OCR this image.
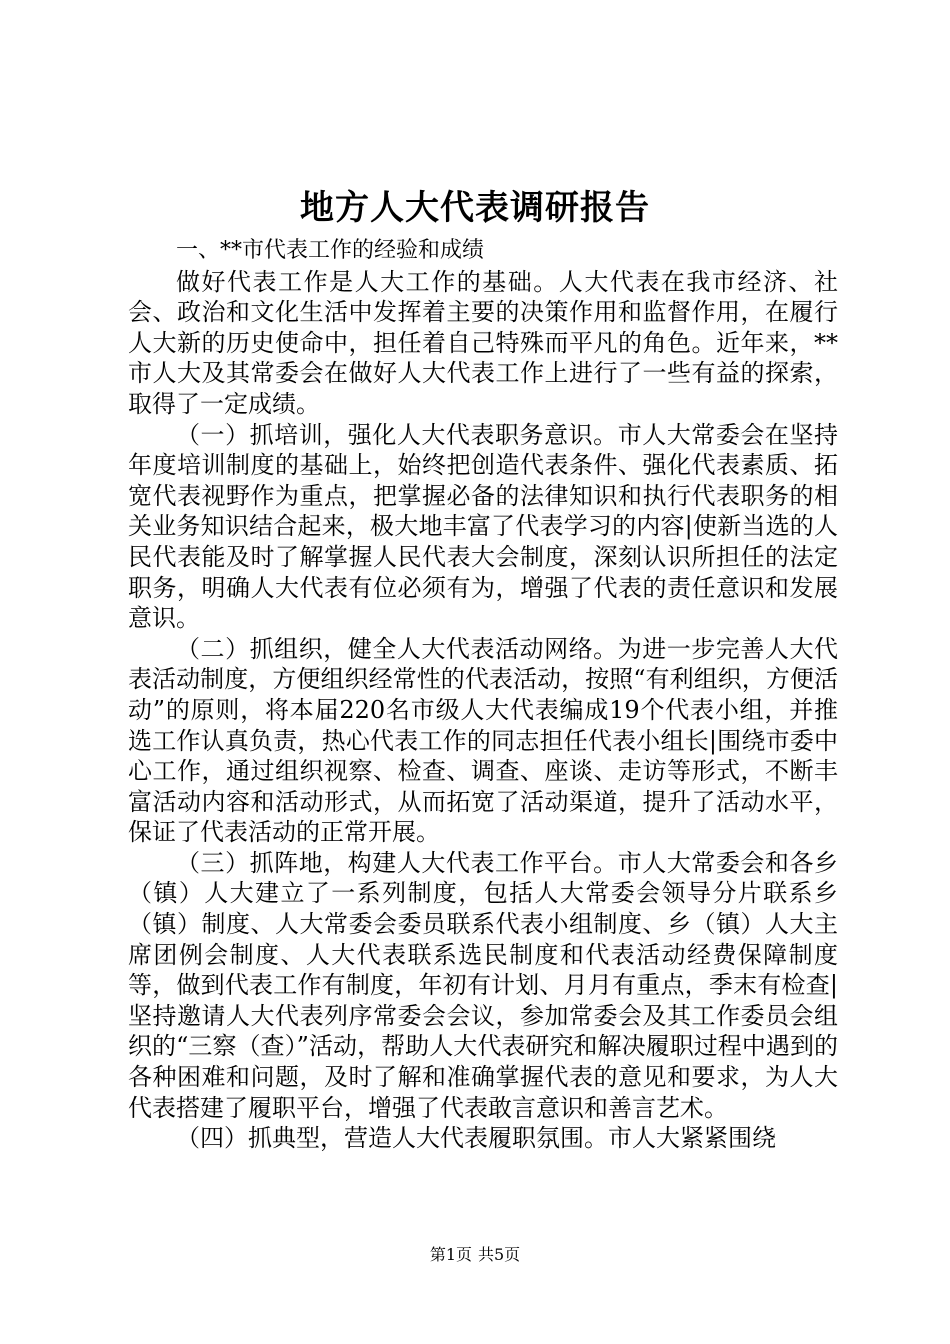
地方人大代表调研报告

一、**市代表工作的经验和成绩

做好代表工作是人大工作的基础。人大代表在我市经济、社会、政治和文化生活中发挥着主要的决策作用和监督作用，在履行人大新的历史使命中，担任着自己特殊而平凡的角色。近年来，**市人大及其常委会在做好人大代表工作上进行了一些有益的探索，取得了一定成绩。

（一）抓培训，强化人大代表职务意识。市人大常委会在坚持年度培训制度的基础上，始终把创造代表条件、强化代表素质、拓宽代表视野作为重点，把掌握必备的法律知识和执行代表职务的相关业务知识结合起来，极大地丰富了代表学习的内容|使新当选的人民代表能及时了解掌握人民代表大会制度，深刻认识所担任的法定职务，明确人大代表有位必须有为，增强了代表的责任意识和发展意识。

（二）抓组织，健全人大代表活动网络。为进一步完善人大代表活动制度，方便组织经常性的代表活动，按照“有利组织，方便活动”的原则，将本届220名市级人大代表编成19个代表小组，并推选工作认真负责，热心代表工作的同志担任代表小组长|围绕市委中心工作，通过组织视察、检查、调查、座谈、走访等形式，不断丰富活动内容和活动形式，从而拓宽了活动渠道，提升了活动水平，保证了代表活动的正常开展。

（三）抓阵地，构建人大代表工作平台。市人大常委会和各乡（镇）人大建立了一系列制度，包括人大常委会领导分片联系乡（镇）制度、人大常委会委员联系代表小组制度、乡（镇）人大主席团例会制度、人大代表联系选民制度和代表活动经费保障制度等，做到代表工作有制度，年初有计划、月月有重点，季末有检查|坚持邀请人大代表列序常委会会议，参加常委会及其工作委员会组织的“三察（查）”活动，帮助人大代表研究和解决履职过程中遇到的各种困难和问题，及时了解和准确掌握代表的意见和要求，为人大代表搭建了履职平台，增强了代表敢言意识和善言艺术。

（四）抓典型，营造人大代表履职氛围。市人大紧紧围绕

第1页 共5页
